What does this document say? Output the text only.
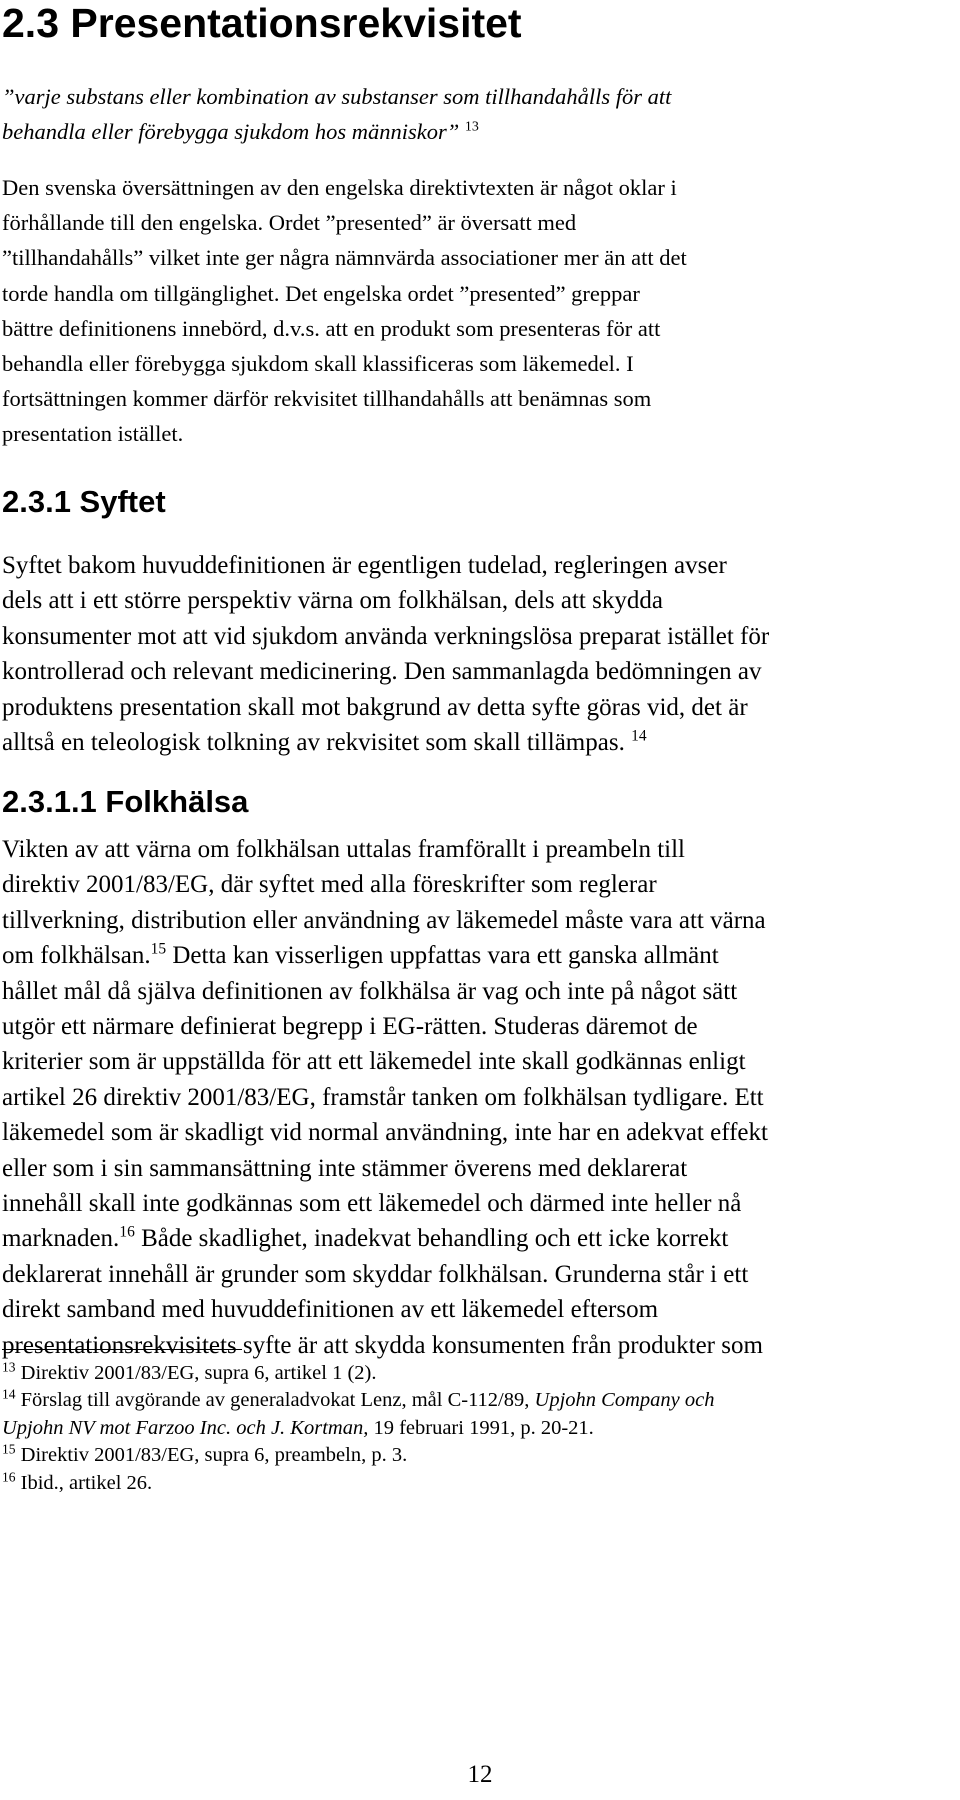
2.3 Presentationsrekvisitet
”varje substans eller kombination av substanser som tillhandahålls för att
behandla eller förebygga sjukdom hos människor” $^{13}$
Den svenska översättningen av den engelska direktivtexten är något oklar i
förhållande till den engelska. Ordet ”presented” är översatt med
”tillhandahålls” vilket inte ger några nämnvärda associationer mer än att det
torde handla om tillgänglighet. Det engelska ordet ”presented” greppar
bättre definitionens innebörd, d.v.s. att en produkt som presenteras för att
behandla eller förebygga sjukdom skall klassificeras som läkemedel. I
fortsättningen kommer därför rekvisitet tillhandahålls att benämnas som
presentation istället.
2.3.1 Syftet
Syftet bakom huvuddefinitionen är egentligen tudelad, regleringen avser
dels att i ett större perspektiv värna om folkhälsan, dels att skydda
konsumenter mot att vid sjukdom använda verkningslösa preparat istället för
kontrollerad och relevant medicinering. Den sammanlagda bedömningen av
produktens presentation skall mot bakgrund av detta syfte göras vid, det är
alltså en teleologisk tolkning av rekvisitet som skall tillämpas. $^{14}$
2.3.1.1 Folkhälsa
Vikten av att värna om folkhälsan uttalas framförallt i preambeln till
direktiv 2001/83/EG, där syftet med alla föreskrifter som reglerar
tillverkning, distribution eller användning av läkemedel måste vara att värna
om folkhälsan.$^{15}$ Detta kan visserligen uppfattas vara ett ganska allmänt
hållet mål då själva definitionen av folkhälsa är vag och inte på något sätt
utgör ett närmare definierat begrepp i EG-rätten. Studeras däremot de
kriterier som är uppställda för att ett läkemedel inte skall godkännas enligt
artikel 26 direktiv 2001/83/EG, framstår tanken om folkhälsan tydligare. Ett
läkemedel som är skadligt vid normal användning, inte har en adekvat effekt
eller som i sin sammansättning inte stämmer överens med deklarerat
innehåll skall inte godkännas som ett läkemedel och därmed inte heller nå
marknaden.$^{16}$ Både skadlighet, inadekvat behandling och ett icke korrekt
deklarerat innehåll är grunder som skyddar folkhälsan. Grunderna står i ett
direkt samband med huvuddefinitionen av ett läkemedel eftersom
presentationsrekvisitets syfte är att skydda konsumenten från produkter som
$^{13}$ Direktiv 2001/83/EG, supra 6, artikel 1 (2).
$^{14}$ Förslag till avgörande av generaladvokat Lenz, mål C-112/89, Upjohn Company och
Upjohn NV mot Farzoo Inc. och J. Kortman, 19 februari 1991, p. 20-21.
$^{15}$ Direktiv 2001/83/EG, supra 6, preambeln, p. 3.
$^{16}$ Ibid., artikel 26.
12
